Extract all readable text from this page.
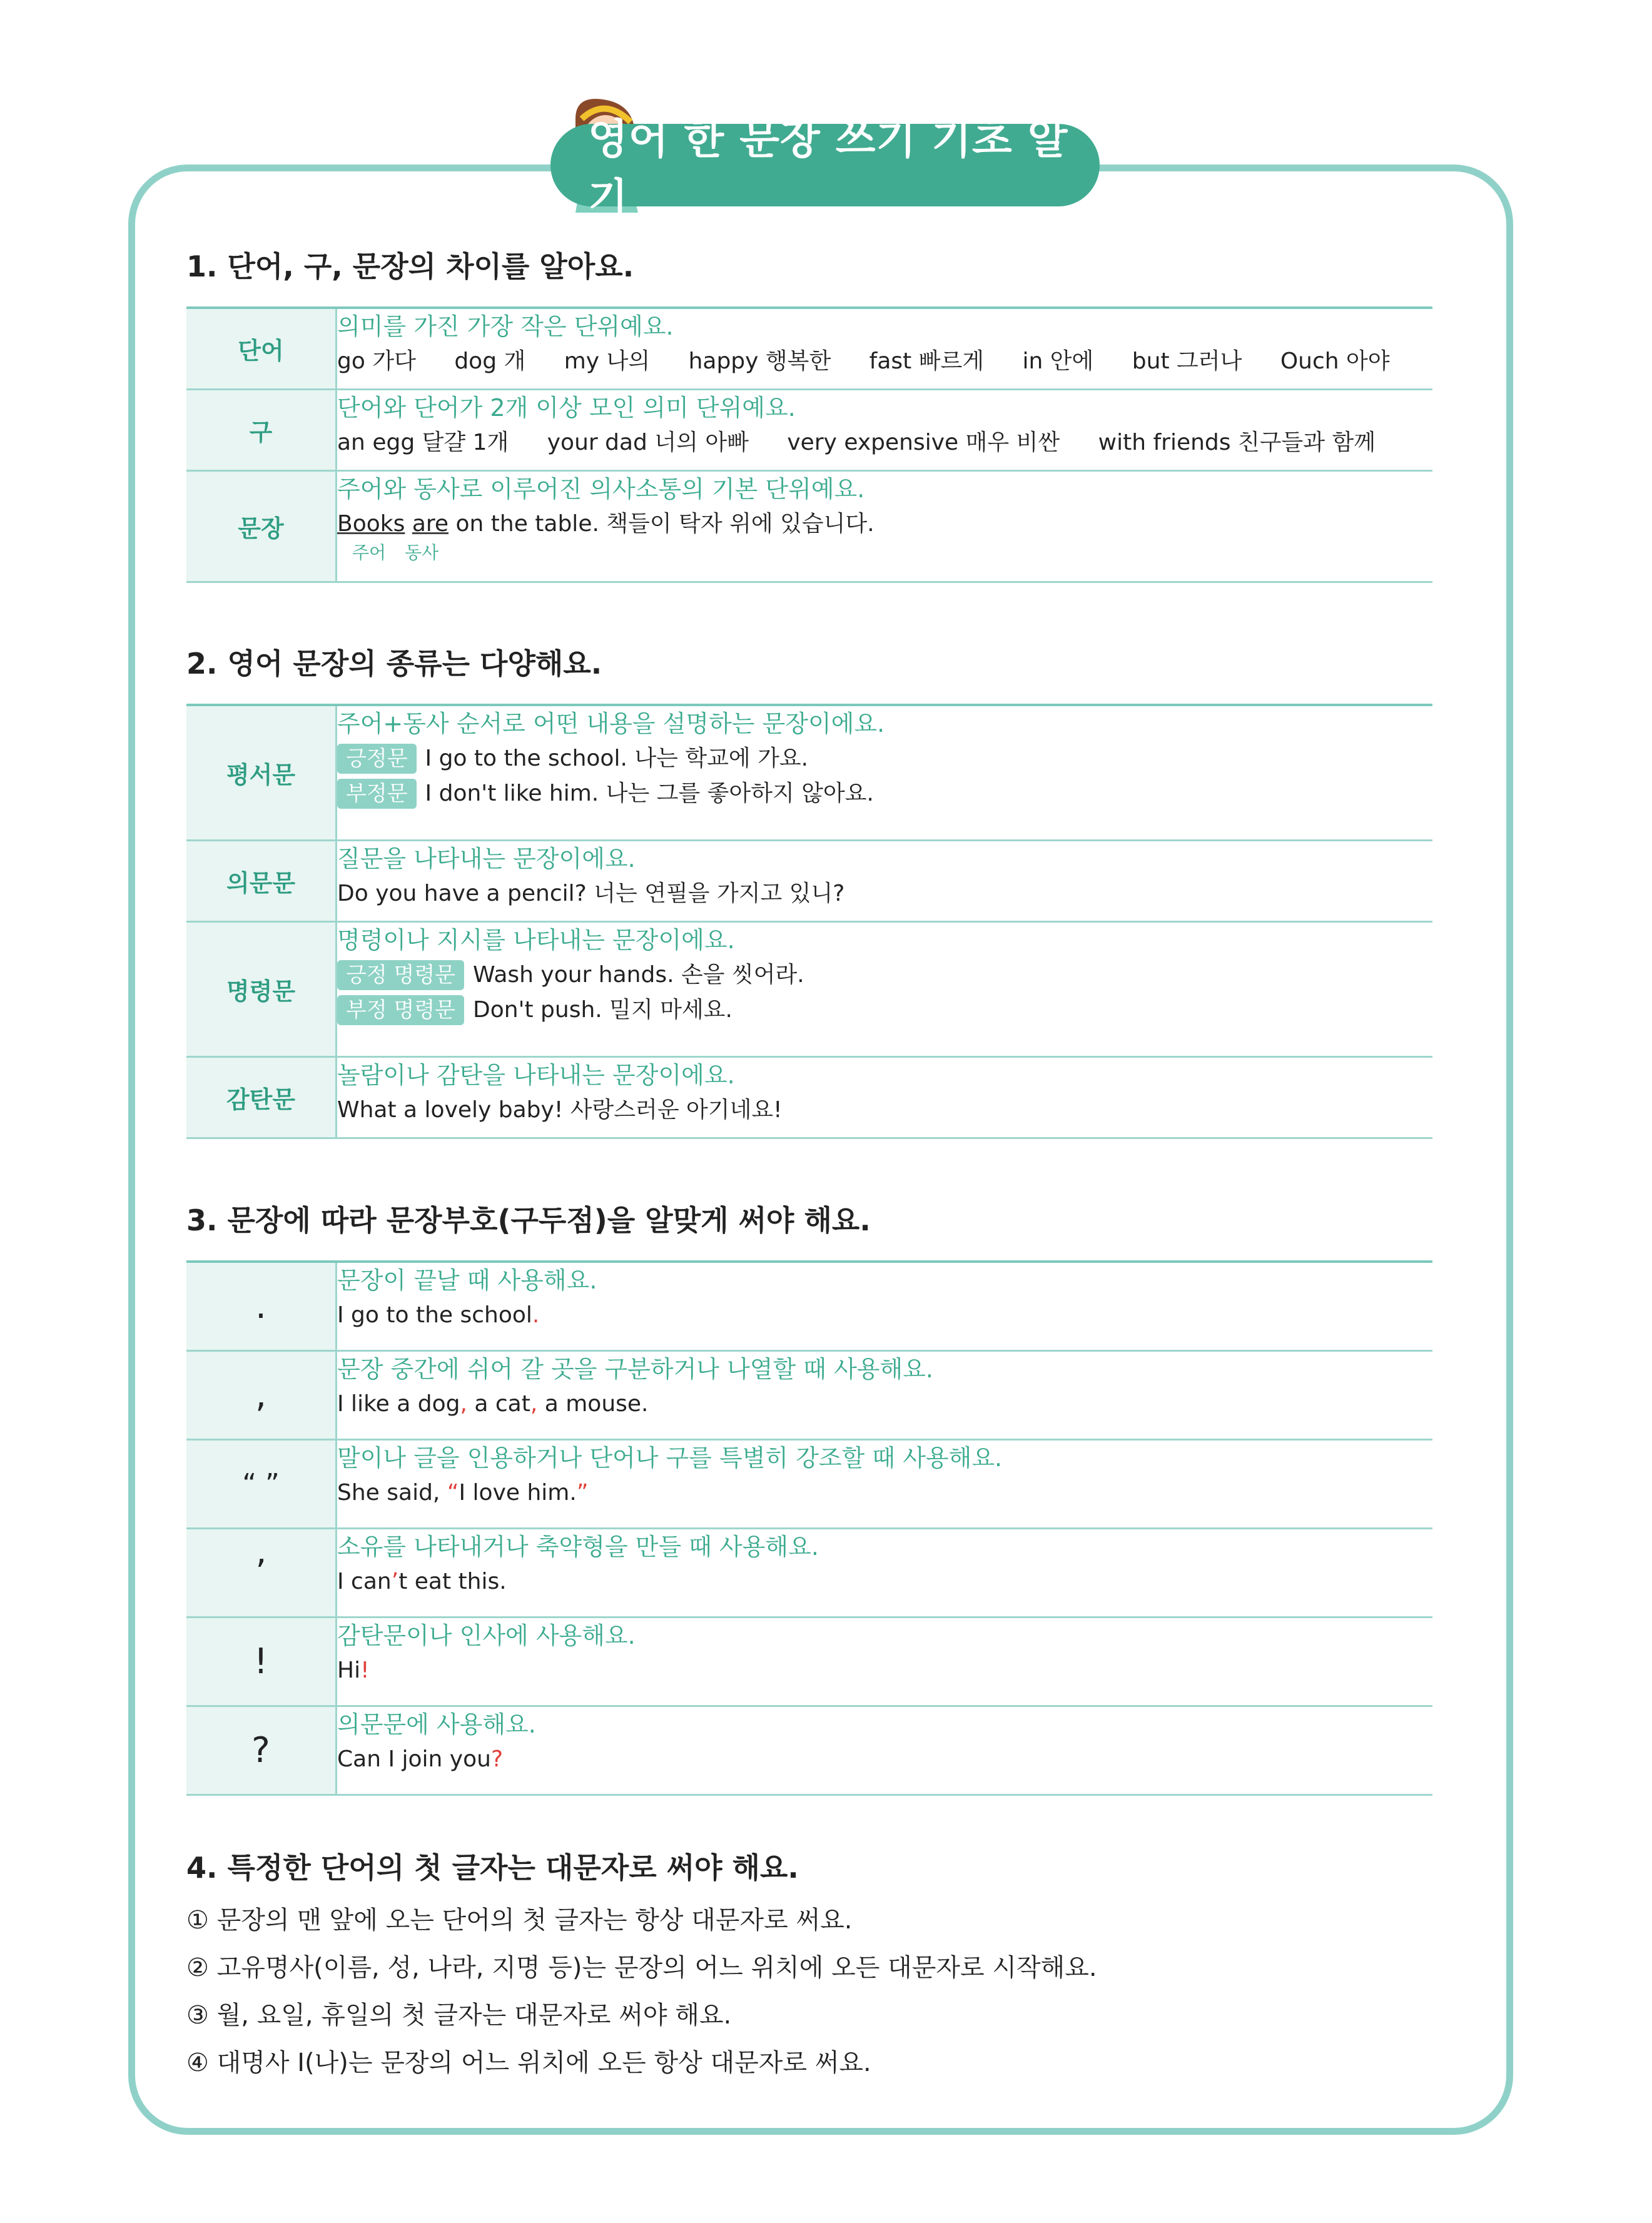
영어 한 문장 쓰기 기초 알기
1. 단어, 구, 문장의 차이를 알아요.
단어	의미를 가진 가장 작은 단위예요.
go 가다 dog 개 my 나의 happy 행복한 fast 빠르게 in 안에 but 그러나 Ouch 아야

구	단어와 단어가 2개 이상 모인 의미 단위예요.
an egg 달걀 1개 your dad 너의 아빠 very expensive 매우 비싼 with friends 친구들과 함께

문장	주어와 동사로 이루어진 의사소통의 기본 단위예요.
Books are on the table. 책들이 탁자 위에 있습니다.
주어 동사
2. 영어 문장의 종류는 다양해요.
평서문	주어+동사 순서로 어떤 내용을 설명하는 문장이에요.
긍정문 I go to the school. 나는 학교에 가요.
부정문 I don't like him. 나는 그를 좋아하지 않아요.

의문문	질문을 나타내는 문장이에요.
Do you have a pencil? 너는 연필을 가지고 있니?

명령문	명령이나 지시를 나타내는 문장이에요.
긍정 명령문 Wash your hands. 손을 씻어라.
부정 명령문 Don't push. 밀지 마세요.

감탄문	놀람이나 감탄을 나타내는 문장이에요.
What a lovely baby! 사랑스러운 아기네요!
3. 문장에 따라 문장부호(구두점)을 알맞게 써야 해요.
.	문장이 끝날 때 사용해요.
I go to the school.

,	문장 중간에 쉬어 갈 곳을 구분하거나 나열할 때 사용해요.
I like a dog, a cat, a mouse.

“ ”	말이나 글을 인용하거나 단어나 구를 특별히 강조할 때 사용해요.
She said, “I love him.”

’	소유를 나타내거나 축약형을 만들 때 사용해요.
I can’t eat this.

!	감탄문이나 인사에 사용해요.
Hi!

?	의문문에 사용해요.
Can I join you?
4. 특정한 단어의 첫 글자는 대문자로 써야 해요.
① 문장의 맨 앞에 오는 단어의 첫 글자는 항상 대문자로 써요.
② 고유명사(이름, 성, 나라, 지명 등)는 문장의 어느 위치에 오든 대문자로 시작해요.
③ 월, 요일, 휴일의 첫 글자는 대문자로 써야 해요.
④ 대명사 I(나)는 문장의 어느 위치에 오든 항상 대문자로 써요.
